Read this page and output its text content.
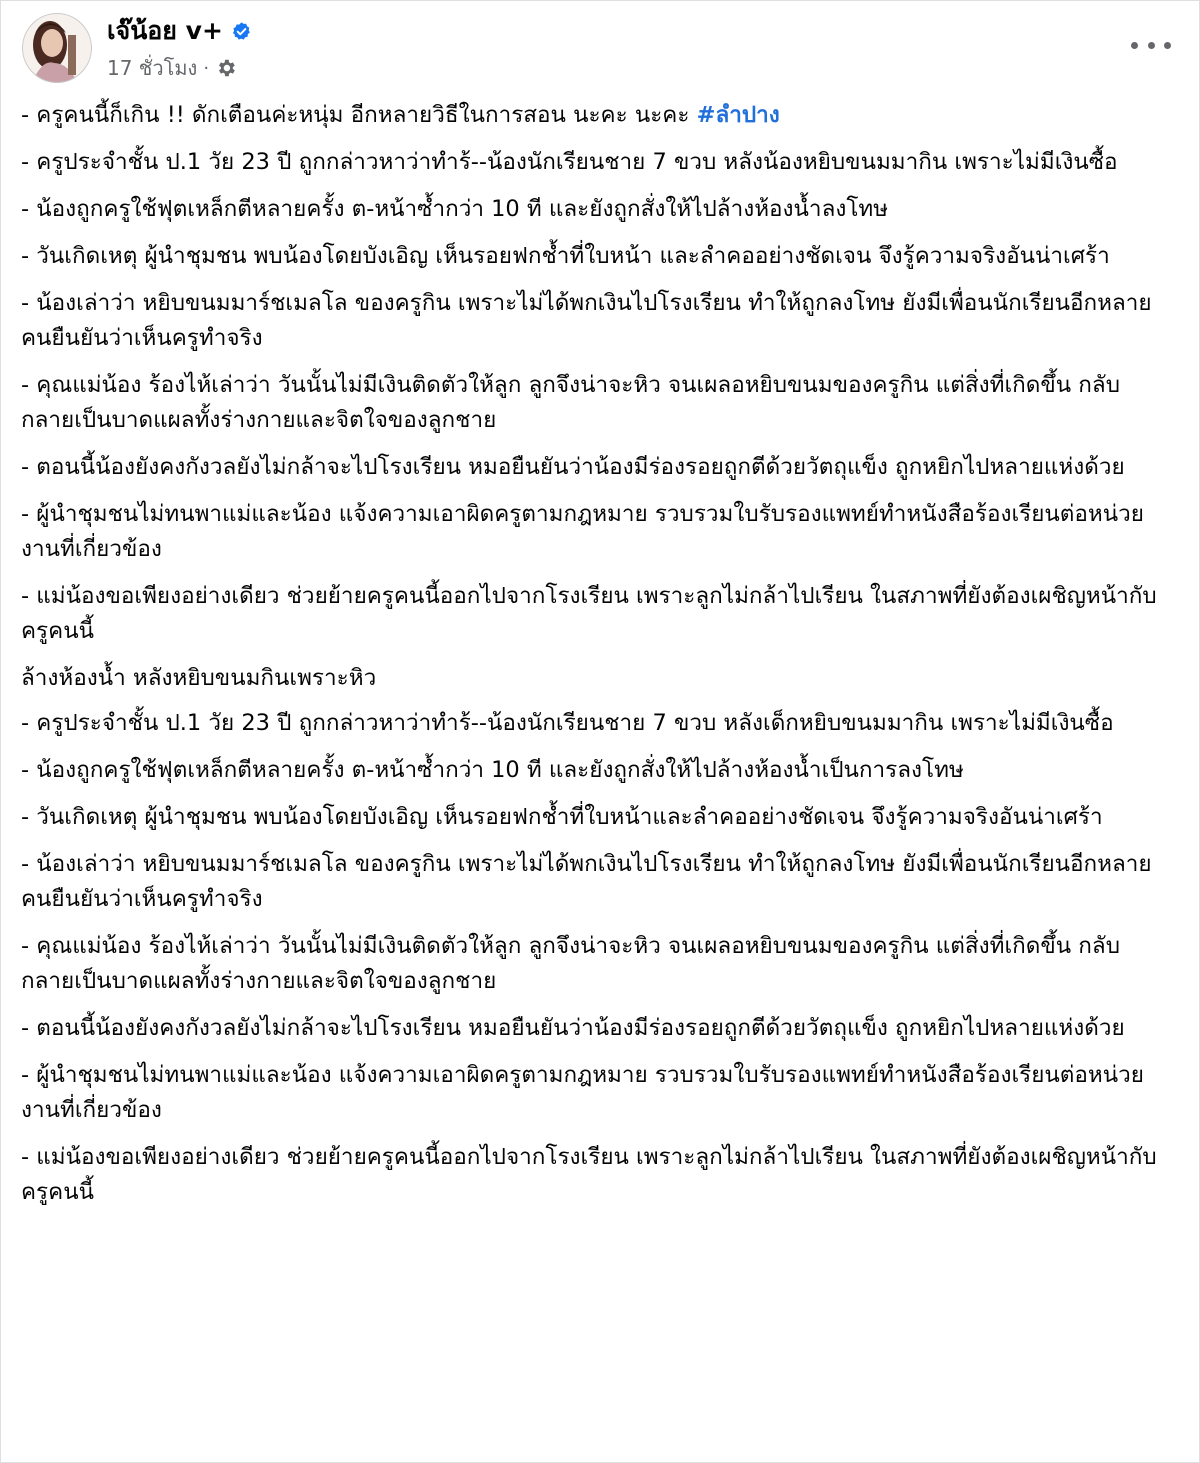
เจ๊น้อย v+
17 ชั่วโมง ·

- ครูคนนี้ก็เกิน !! ดักเตือนค่ะหนุ่ม อีกหลายวิธีในการสอน นะคะ นะคะ #ลำปาง

- ครูประจำชั้น ป.1 วัย 23 ปี ถูกกล่าวหาว่าทำร้--น้องนักเรียนชาย 7 ขวบ หลังน้องหยิบขนมมากิน เพราะไม่มีเงินซื้อ

- น้องถูกครูใช้ฟุตเหล็กตีหลายครั้ง ต-หน้าซ้ำกว่า 10 ที และยังถูกสั่งให้ไปล้างห้องน้ำลงโทษ

- วันเกิดเหตุ ผู้นำชุมชน พบน้องโดยบังเอิญ เห็นรอยฟกช้ำที่ใบหน้า และลำคออย่างชัดเจน จึงรู้ความจริงอันน่าเศร้า

- น้องเล่าว่า หยิบขนมมาร์ชเมลโล ของครูกิน เพราะไม่ได้พกเงินไปโรงเรียน ทำให้ถูกลงโทษ ยังมีเพื่อนนักเรียนอีกหลายคนยืนยันว่าเห็นครูทำจริง

- คุณแม่น้อง ร้องไห้เล่าว่า วันนั้นไม่มีเงินติดตัวให้ลูก ลูกจึงน่าจะหิว จนเผลอหยิบขนมของครูกิน แต่สิ่งที่เกิดขึ้น กลับกลายเป็นบาดแผลทั้งร่างกายและจิตใจของลูกชาย

- ตอนนี้น้องยังคงกังวลยังไม่กล้าจะไปโรงเรียน หมอยืนยันว่าน้องมีร่องรอยถูกตีด้วยวัตถุแข็ง ถูกหยิกไปหลายแห่งด้วย

- ผู้นำชุมชนไม่ทนพาแม่และน้อง แจ้งความเอาผิดครูตามกฎหมาย รวบรวมใบรับรองแพทย์ทำหนังสือร้องเรียนต่อหน่วยงานที่เกี่ยวข้อง

- แม่น้องขอเพียงอย่างเดียว ช่วยย้ายครูคนนี้ออกไปจากโรงเรียน เพราะลูกไม่กล้าไปเรียน ในสภาพที่ยังต้องเผชิญหน้ากับครูคนนี้

ล้างห้องน้ำ หลังหยิบขนมกินเพราะหิว

- ครูประจำชั้น ป.1 วัย 23 ปี ถูกกล่าวหาว่าทำร้--น้องนักเรียนชาย 7 ขวบ หลังเด็กหยิบขนมมากิน เพราะไม่มีเงินซื้อ

- น้องถูกครูใช้ฟุตเหล็กตีหลายครั้ง ต-หน้าซ้ำกว่า 10 ที และยังถูกสั่งให้ไปล้างห้องน้ำเป็นการลงโทษ

- วันเกิดเหตุ ผู้นำชุมชน พบน้องโดยบังเอิญ เห็นรอยฟกช้ำที่ใบหน้าและลำคออย่างชัดเจน จึงรู้ความจริงอันน่าเศร้า

- น้องเล่าว่า หยิบขนมมาร์ชเมลโล ของครูกิน เพราะไม่ได้พกเงินไปโรงเรียน ทำให้ถูกลงโทษ ยังมีเพื่อนนักเรียนอีกหลายคนยืนยันว่าเห็นครูทำจริง

- คุณแม่น้อง ร้องไห้เล่าว่า วันนั้นไม่มีเงินติดตัวให้ลูก ลูกจึงน่าจะหิว จนเผลอหยิบขนมของครูกิน แต่สิ่งที่เกิดขึ้น กลับกลายเป็นบาดแผลทั้งร่างกายและจิตใจของลูกชาย

- ตอนนี้น้องยังคงกังวลยังไม่กล้าจะไปโรงเรียน หมอยืนยันว่าน้องมีร่องรอยถูกตีด้วยวัตถุแข็ง ถูกหยิกไปหลายแห่งด้วย

- ผู้นำชุมชนไม่ทนพาแม่และน้อง แจ้งความเอาผิดครูตามกฎหมาย รวบรวมใบรับรองแพทย์ทำหนังสือร้องเรียนต่อหน่วยงานที่เกี่ยวข้อง

- แม่น้องขอเพียงอย่างเดียว ช่วยย้ายครูคนนี้ออกไปจากโรงเรียน เพราะลูกไม่กล้าไปเรียน ในสภาพที่ยังต้องเผชิญหน้ากับครูคนนี้
